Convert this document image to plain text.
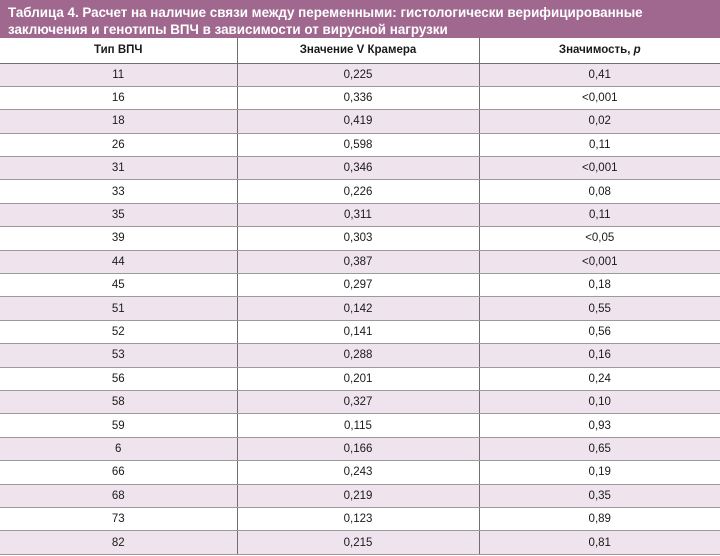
Таблица 4. Расчет на наличие связи между переменными: гистологически верифицированные
заключения и генотипы ВПЧ в зависимости от вирусной нагрузки
Тип ВПЧ	Значение V Крамера	Значимость, p
11	0,225	0,41
16	0,336	<0,001
18	0,419	0,02
26	0,598	0,11
31	0,346	<0,001
33	0,226	0,08
35	0,311	0,11
39	0,303	<0,05
44	0,387	<0,001
45	0,297	0,18
51	0,142	0,55
52	0,141	0,56
53	0,288	0,16
56	0,201	0,24
58	0,327	0,10
59	0,115	0,93
6	0,166	0,65
66	0,243	0,19
68	0,219	0,35
73	0,123	0,89
82	0,215	0,81
